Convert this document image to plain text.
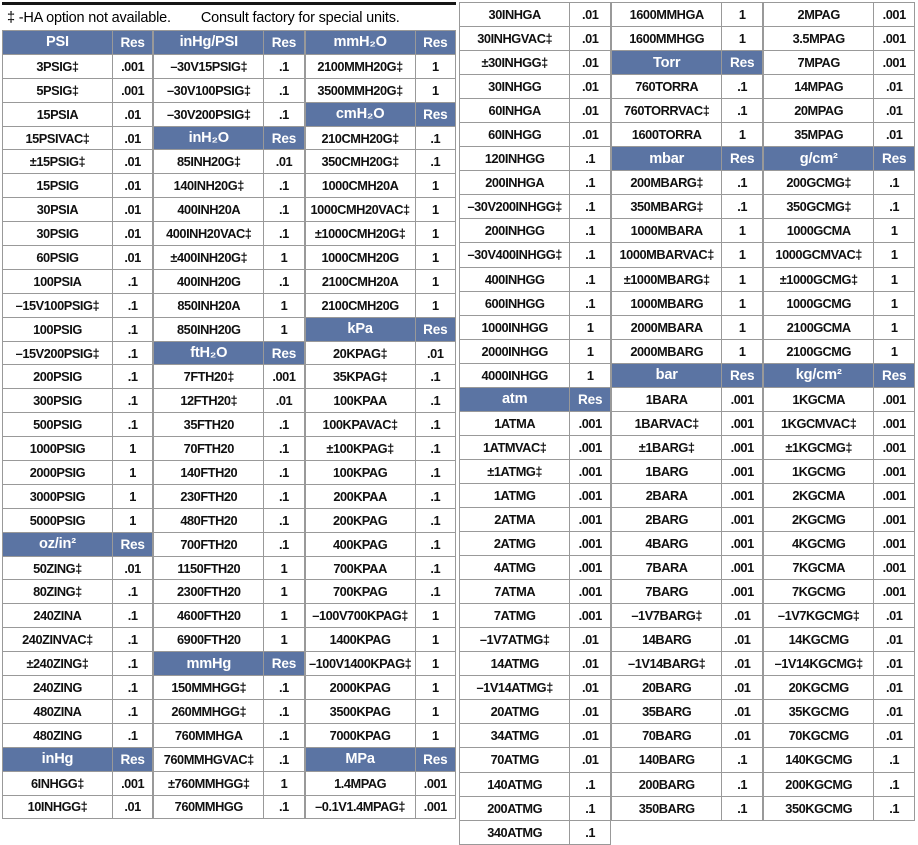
‡ -HA option not available. Consult factory for special units.
PSI	Res
3PSIG‡	.001
5PSIG‡	.001
15PSIA	.01
15PSIVAC‡	.01
±15PSIG‡	.01
15PSIG	.01
30PSIA	.01
30PSIG	.01
60PSIG	.01
100PSIA	.1
–15V100PSIG‡	.1
100PSIG	.1
–15V200PSIG‡	.1
200PSIG	.1
300PSIG	.1
500PSIG	.1
1000PSIG	1
2000PSIG	1
3000PSIG	1
5000PSIG	1
oz/in²	Res
50ZING‡	.01
80ZING‡	.1
240ZINA	.1
240ZINVAC‡	.1
±240ZING‡	.1
240ZING	.1
480ZINA	.1
480ZING	.1
inHg	Res
6INHGG‡	.001
10INHGG‡	.01
inHg/PSI	Res
–30V15PSIG‡	.1
–30V100PSIG‡	.1
–30V200PSIG‡	.1
inH₂O	Res
85INH20G‡	.01
140INH20G‡	.1
400INH20A	.1
400INH20VAC‡	.1
±400INH20G‡	1
400INH20G	.1
850INH20A	1
850INH20G	1
ftH₂O	Res
7FTH20‡	.001
12FTH20‡	.01
35FTH20	.1
70FTH20	.1
140FTH20	.1
230FTH20	.1
480FTH20	.1
700FTH20	.1
1150FTH20	1
2300FTH20	1
4600FTH20	1
6900FTH20	1
mmHg	Res
150MMHGG‡	.1
260MMHGG‡	.1
760MMHGA	.1
760MMHGVAC‡	.1
±760MMHGG‡	1
760MMHGG	.1
mmH₂O	Res
2100MMH20G‡	1
3500MMH20G‡	1
cmH₂O	Res
210CMH20G‡	.1
350CMH20G‡	.1
1000CMH20A	1
1000CMH20VAC‡	1
±1000CMH20G‡	1
1000CMH20G	1
2100CMH20A	1
2100CMH20G	1
kPa	Res
20KPAG‡	.01
35KPAG‡	.1
100KPAA	.1
100KPAVAC‡	.1
±100KPAG‡	.1
100KPAG	.1
200KPAA	.1
200KPAG	.1
400KPAG	.1
700KPAA	.1
700KPAG	.1
–100V700KPAG‡	1
1400KPAG	1
–100V1400KPAG‡	1
2000KPAG	1
3500KPAG	1
7000KPAG	1
MPa	Res
1.4MPAG	.001
–0.1V1.4MPAG‡	.001
30INHGA	.01
30INHGVAC‡	.01
±30INHGG‡	.01
30INHGG	.01
60INHGA	.01
60INHGG	.01
120INHGG	.1
200INHGA	.1
–30V200INHGG‡	.1
200INHGG	.1
–30V400INHGG‡	.1
400INHGG	.1
600INHGG	.1
1000INHGG	1
2000INHGG	1
4000INHGG	1
atm	Res
1ATMA	.001
1ATMVAC‡	.001
±1ATMG‡	.001
1ATMG	.001
2ATMA	.001
2ATMG	.001
4ATMG	.001
7ATMA	.001
7ATMG	.001
–1V7ATMG‡	.01
14ATMG	.01
–1V14ATMG‡	.01
20ATMG	.01
34ATMG	.01
70ATMG	.01
140ATMG	.1
200ATMG	.1
340ATMG	.1
1600MMHGA	1
1600MMHGG	1
Torr	Res
760TORRA	.1
760TORRVAC‡	.1
1600TORRA	1
mbar	Res
200MBARG‡	.1
350MBARG‡	.1
1000MBARA	1
1000MBARVAC‡	1
±1000MBARG‡	1
1000MBARG	1
2000MBARA	1
2000MBARG	1
bar	Res
1BARA	.001
1BARVAC‡	.001
±1BARG‡	.001
1BARG	.001
2BARA	.001
2BARG	.001
4BARG	.001
7BARA	.001
7BARG	.001
–1V7BARG‡	.01
14BARG	.01
–1V14BARG‡	.01
20BARG	.01
35BARG	.01
70BARG	.01
140BARG	.1
200BARG	.1
350BARG	.1
2MPAG	.001
3.5MPAG	.001
7MPAG	.001
14MPAG	.01
20MPAG	.01
35MPAG	.01
g/cm²	Res
200GCMG‡	.1
350GCMG‡	.1
1000GCMA	1
1000GCMVAC‡	1
±1000GCMG‡	1
1000GCMG	1
2100GCMA	1
2100GCMG	1
kg/cm²	Res
1KGCMA	.001
1KGCMVAC‡	.001
±1KGCMG‡	.001
1KGCMG	.001
2KGCMA	.001
2KGCMG	.001
4KGCMG	.001
7KGCMA	.001
7KGCMG	.001
–1V7KGCMG‡	.01
14KGCMG	.01
–1V14KGCMG‡	.01
20KGCMG	.01
35KGCMG	.01
70KGCMG	.01
140KGCMG	.1
200KGCMG	.1
350KGCMG	.1
